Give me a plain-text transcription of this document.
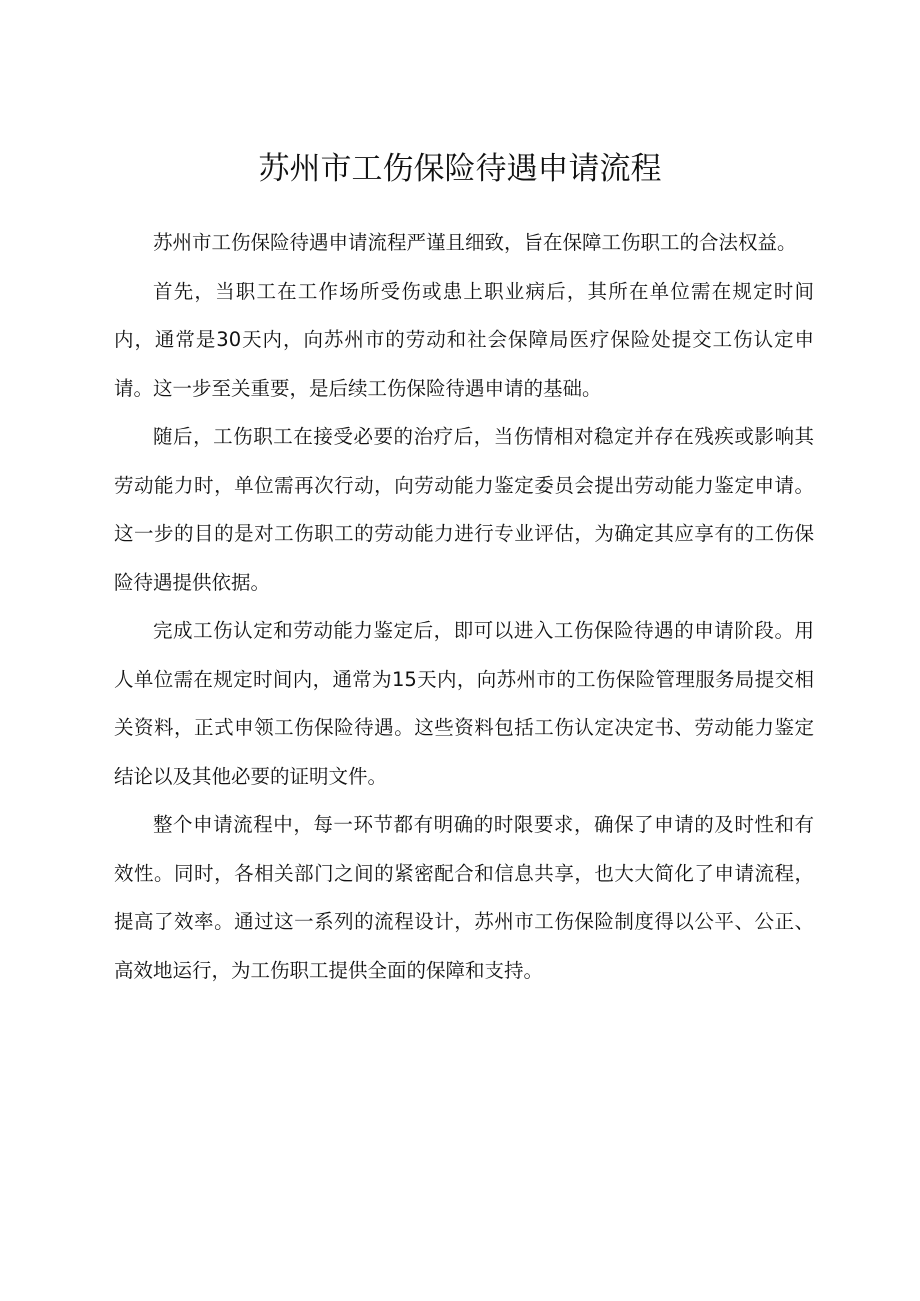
苏州市工伤保险待遇申请流程

苏州市工伤保险待遇申请流程严谨且细致，旨在保障工伤职工的合法权益。

首先，当职工在工作场所受伤或患上职业病后，其所在单位需在规定时间内，通常是30天内，向苏州市的劳动和社会保障局医疗保险处提交工伤认定申请。这一步至关重要，是后续工伤保险待遇申请的基础。

随后，工伤职工在接受必要的治疗后，当伤情相对稳定并存在残疾或影响其劳动能力时，单位需再次行动，向劳动能力鉴定委员会提出劳动能力鉴定申请。这一步的目的是对工伤职工的劳动能力进行专业评估，为确定其应享有的工伤保险待遇提供依据。

完成工伤认定和劳动能力鉴定后，即可以进入工伤保险待遇的申请阶段。用人单位需在规定时间内，通常为15天内，向苏州市的工伤保险管理服务局提交相关资料，正式申领工伤保险待遇。这些资料包括工伤认定决定书、劳动能力鉴定结论以及其他必要的证明文件。

整个申请流程中，每一环节都有明确的时限要求，确保了申请的及时性和有效性。同时，各相关部门之间的紧密配合和信息共享，也大大简化了申请流程，提高了效率。通过这一系列的流程设计，苏州市工伤保险制度得以公平、公正、高效地运行，为工伤职工提供全面的保障和支持。
